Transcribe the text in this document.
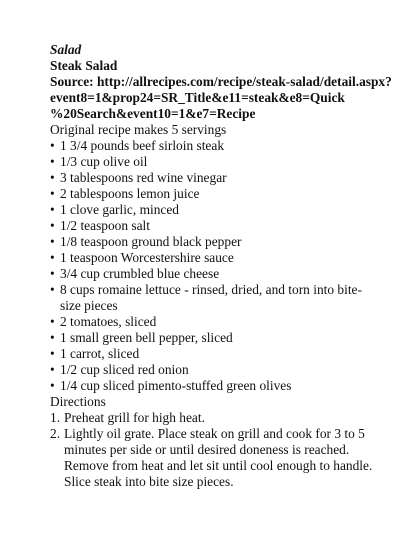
Salad
Steak Salad
Source: http://allrecipes.com/recipe/steak-salad/detail.aspx?
event8=1&prop24=SR_Title&e11=steak&e8=Quick
%20Search&event10=1&e7=Recipe
Original recipe makes 5 servings
• 1 3/4 pounds beef sirloin steak
• 1/3 cup olive oil
• 3 tablespoons red wine vinegar
• 2 tablespoons lemon juice
• 1 clove garlic, minced
• 1/2 teaspoon salt
• 1/8 teaspoon ground black pepper
• 1 teaspoon Worcestershire sauce
• 3/4 cup crumbled blue cheese
• 8 cups romaine lettuce - rinsed, dried, and torn into bite-size pieces
• 2 tomatoes, sliced
• 1 small green bell pepper, sliced
• 1 carrot, sliced
• 1/2 cup sliced red onion
• 1/4 cup sliced pimento-stuffed green olives
Directions
1. Preheat grill for high heat.
2. Lightly oil grate. Place steak on grill and cook for 3 to 5 minutes per side or until desired doneness is reached. Remove from heat and let sit until cool enough to handle. Slice steak into bite size pieces.
